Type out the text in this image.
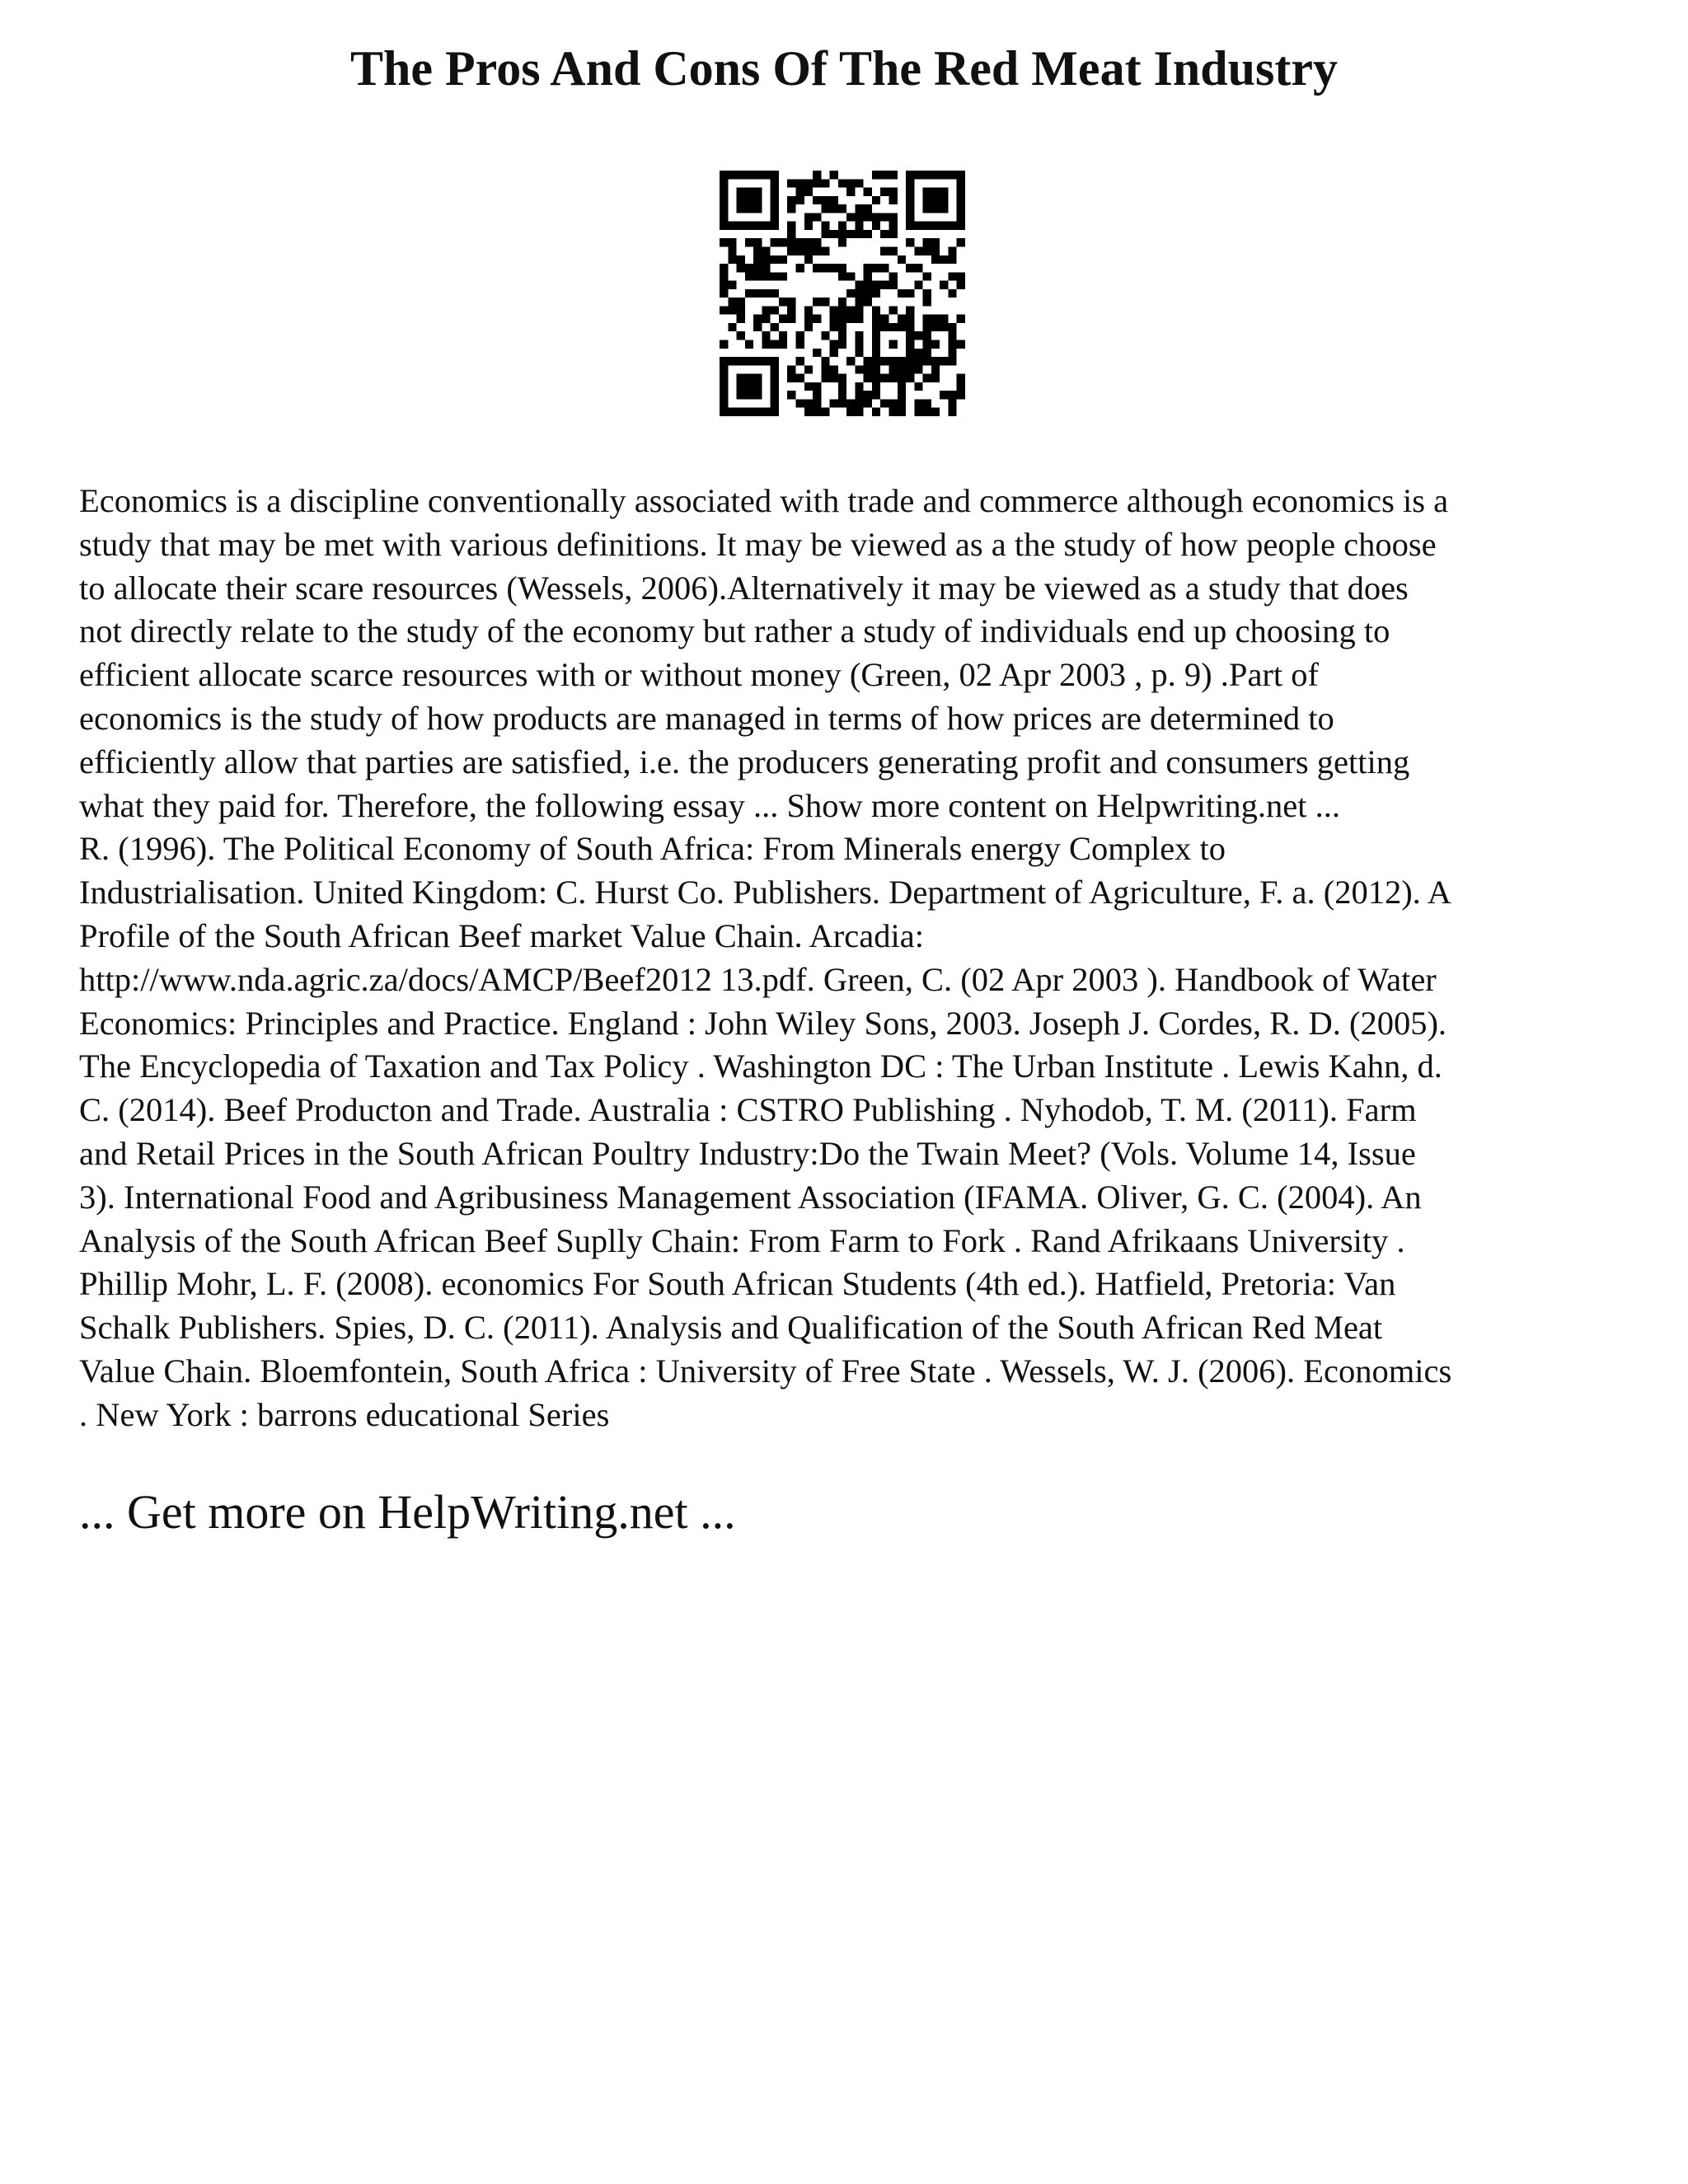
The Pros And Cons Of The Red Meat Industry
Economics is a discipline conventionally associated with trade and commerce although economics is a
study that may be met with various definitions. It may be viewed as a the study of how people choose
to allocate their scare resources (Wessels, 2006).Alternatively it may be viewed as a study that does
not directly relate to the study of the economy but rather a study of individuals end up choosing to
efficient allocate scarce resources with or without money (Green, 02 Apr 2003 , p. 9) .Part of
economics is the study of how products are managed in terms of how prices are determined to
efficiently allow that parties are satisfied, i.e. the producers generating profit and consumers getting
what they paid for. Therefore, the following essay ... Show more content on Helpwriting.net ...
R. (1996). The Political Economy of South Africa: From Minerals energy Complex to
Industrialisation. United Kingdom: C. Hurst Co. Publishers. Department of Agriculture, F. a. (2012). A
Profile of the South African Beef market Value Chain. Arcadia:
http://www.nda.agric.za/docs/AMCP/Beef2012 13.pdf. Green, C. (02 Apr 2003 ). Handbook of Water
Economics: Principles and Practice. England : John Wiley Sons, 2003. Joseph J. Cordes, R. D. (2005).
The Encyclopedia of Taxation and Tax Policy . Washington DC : The Urban Institute . Lewis Kahn, d.
C. (2014). Beef Producton and Trade. Australia : CSTRO Publishing . Nyhodob, T. M. (2011). Farm
and Retail Prices in the South African Poultry Industry:Do the Twain Meet? (Vols. Volume 14, Issue
3). International Food and Agribusiness Management Association (IFAMA. Oliver, G. C. (2004). An
Analysis of the South African Beef Suplly Chain: From Farm to Fork . Rand Afrikaans University .
Phillip Mohr, L. F. (2008). economics For South African Students (4th ed.). Hatfield, Pretoria: Van
Schalk Publishers. Spies, D. C. (2011). Analysis and Qualification of the South African Red Meat
Value Chain. Bloemfontein, South Africa : University of Free State . Wessels, W. J. (2006). Economics
. New York : barrons educational Series
... Get more on HelpWriting.net ...
